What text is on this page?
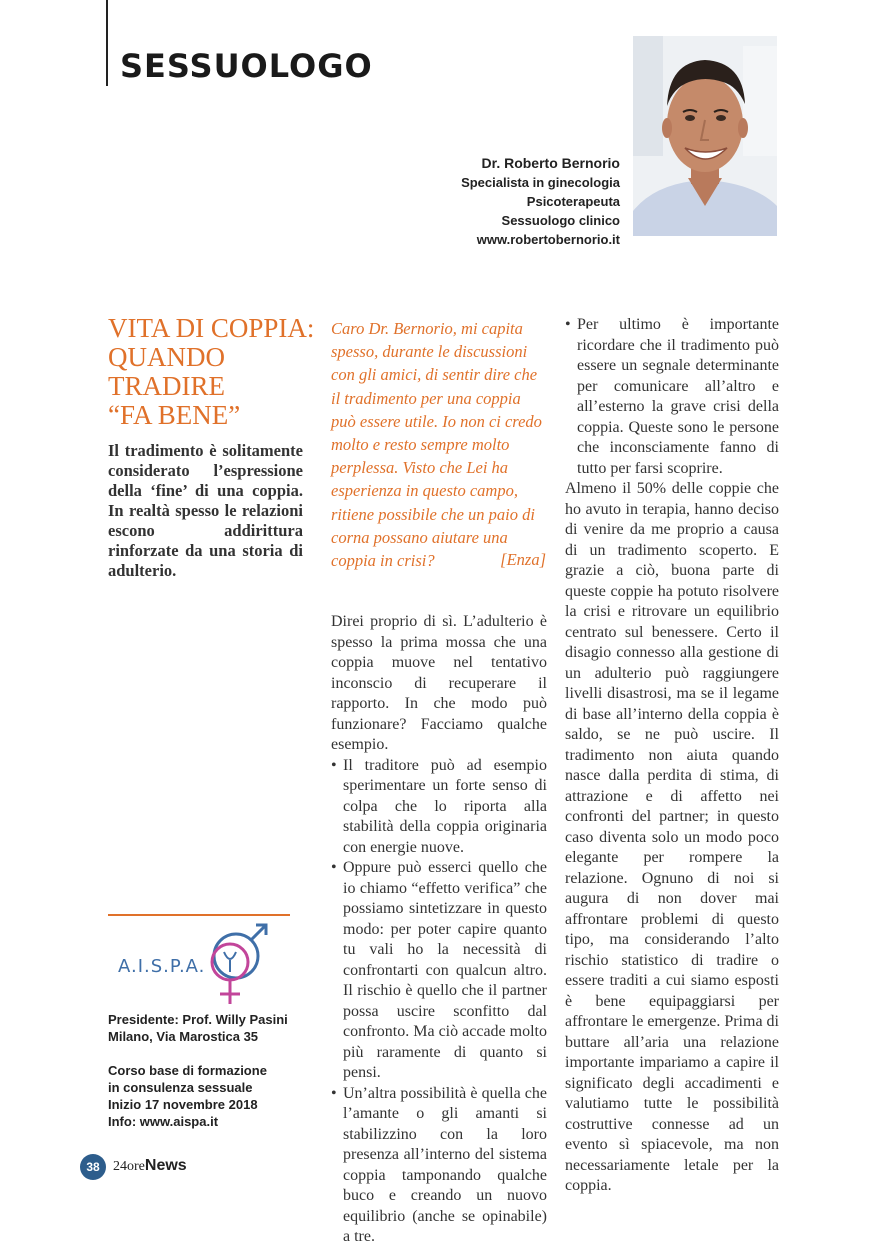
SESSUOLOGO
Dr. Roberto Bernorio
Specialista in ginecologia
Psicoterapeuta
Sessuologo clinico
www.robertobernorio.it
VITA DI COPPIA:
QUANDO
TRADIRE
“FA BENE”
Il tradimento è solitamente considerato l’espressione della ‘fine’ di una coppia. In realtà spesso le relazioni escono addirittura rinforzate da una storia di adulterio.
Caro Dr. Bernorio, mi capita spesso, durante le discussioni con gli amici, di sentir dire che il tradimento per una coppia può essere utile. Io non ci credo molto e resto sempre molto perplessa. Visto che Lei ha esperienza in questo campo, ritiene possibile che un paio di corna possano aiutare una coppia in crisi?	[Enza]

Direi proprio di sì. L’adulterio è spesso la prima mossa che una coppia muove nel tentativo inconscio di recuperare il rapporto. In che modo può funzionare? Facciamo qualche esempio.

• Il traditore può ad esempio sperimentare un forte senso di colpa che lo riporta alla stabilità della coppia originaria con energie nuove.

• Oppure può esserci quello che io chiamo “effetto verifica” che possiamo sintetizzare in questo modo: per poter capire quanto tu vali ho la necessità di confrontarti con qualcun altro. Il rischio è quello che il partner possa uscire sconfitto dal confronto. Ma ciò accade molto più raramente di quanto si pensi.

• Un’altra possibilità è quella che l’amante o gli amanti si stabilizzino con la loro presenza all’interno del sistema coppia tamponando qualche buco e creando un nuovo equilibrio (anche se opinabile) a tre.

• Per ultimo è importante ricordare che il tradimento può essere un segnale determinante per comunicare all’altro e all’esterno la grave crisi della coppia. Queste sono le persone che inconsciamente fanno di tutto per farsi scoprire.

Almeno il 50% delle coppie che ho avuto in terapia, hanno deciso di venire da me proprio a causa di un tradimento scoperto. E grazie a ciò, buona parte di queste coppie ha potuto risolvere la crisi e ritrovare un equilibrio centrato sul benessere. Certo il disagio connesso alla gestione di un adulterio può raggiungere livelli disastrosi, ma se il legame di base all’interno della coppia è saldo, se ne può uscire. Il tradimento non aiuta quando nasce dalla perdita di stima, di attrazione e di affetto nei confronti del partner; in questo caso diventa solo un modo poco elegante per rompere la relazione. Ognuno di noi si augura di non dover mai affrontare problemi di questo tipo, ma considerando l’alto rischio statistico di tradire o essere traditi a cui siamo esposti è bene equipaggiarsi per affrontare le emergenze. Prima di buttare all’aria una relazione importante impariamo a capire il significato degli accadimenti e valutiamo tutte le possibilità costruttive connesse ad un evento sì spiacevole, ma non necessariamente letale per la coppia.

A.I.S.P.A.
Presidente: Prof. Willy Pasini
Milano, Via Marostica 35
Corso base di formazione
in consulenza sessuale
Inizio 17 novembre 2018
Info: www.aispa.it
38 24oreNews
